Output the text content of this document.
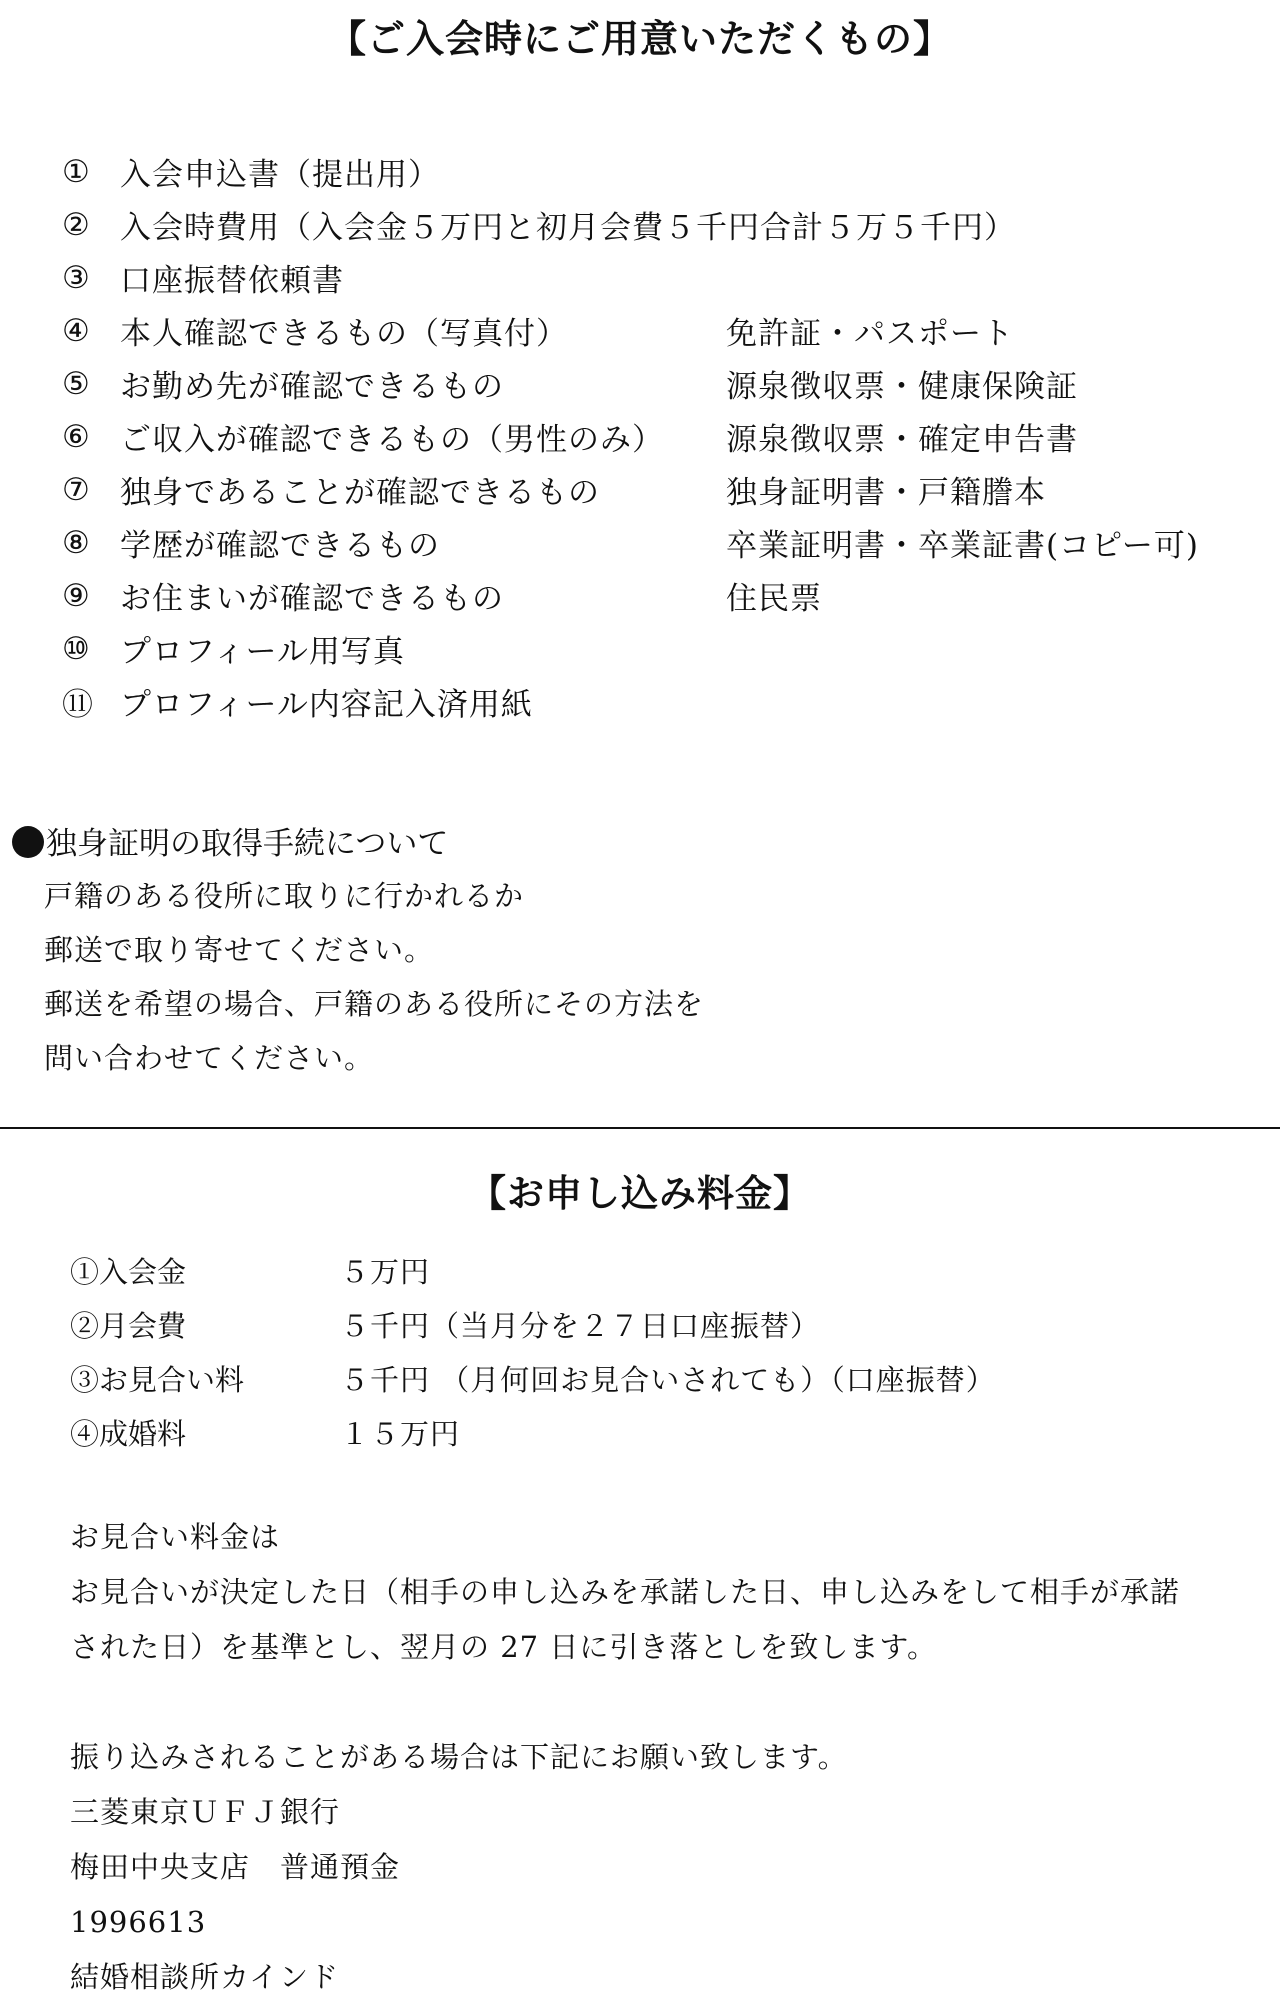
【ご入会時にご用意いただくもの】
① 入会申込書（提出用）
② 入会時費用（入会金５万円と初月会費５千円合計５万５千円）
③ 口座振替依頼書
④ 本人確認できるもの（写真付）	免許証・パスポート
⑤ お勤め先が確認できるもの	源泉徴収票・健康保険証
⑥ ご収入が確認できるもの（男性のみ）	源泉徴収票・確定申告書
⑦ 独身であることが確認できるもの	独身証明書・戸籍謄本
⑧ 学歴が確認できるもの	卒業証明書・卒業証書(コピー可)
⑨ お住まいが確認できるもの	住民票
⑩ プロフィール用写真
⑪ プロフィール内容記入済用紙
独身証明の取得手続について
戸籍のある役所に取りに行かれるか
郵送で取り寄せてください。
郵送を希望の場合、戸籍のある役所にその方法を
問い合わせてください。
【お申し込み料金】
①入会金	５万円
②月会費	５千円（当月分を２７日口座振替）
③お見合い料	５千円 （月何回お見合いされても）（口座振替）
④成婚料	１５万円
お見合い料金は
お見合いが決定した日（相手の申し込みを承諾した日、申し込みをして相手が承諾
された日）を基準とし、翌月の 27 日に引き落としを致します。
振り込みされることがある場合は下記にお願い致します。
三菱東京ＵＦＪ銀行
梅田中央支店　普通預金
1996613
結婚相談所カインド
